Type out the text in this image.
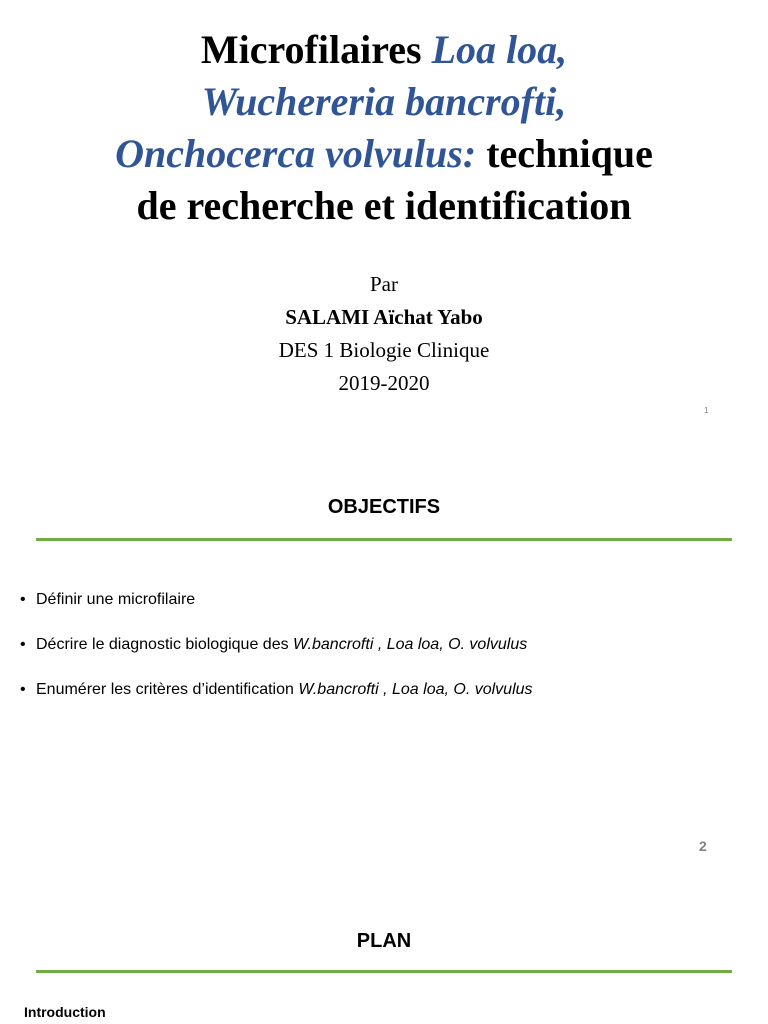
Microfilaires Loa loa,
Wuchereria bancrofti,
Onchocerca volvulus: technique
de recherche et identification
Par
SALAMI Aïchat Yabo
DES 1 Biologie Clinique
2019-2020
1
OBJECTIFS
• Définir une microfilaire
• Décrire le diagnostic biologique des W.bancrofti , Loa loa, O. volvulus
• Enumérer les critères d’identification W.bancrofti , Loa loa, O. volvulus
2
PLAN
Introduction
